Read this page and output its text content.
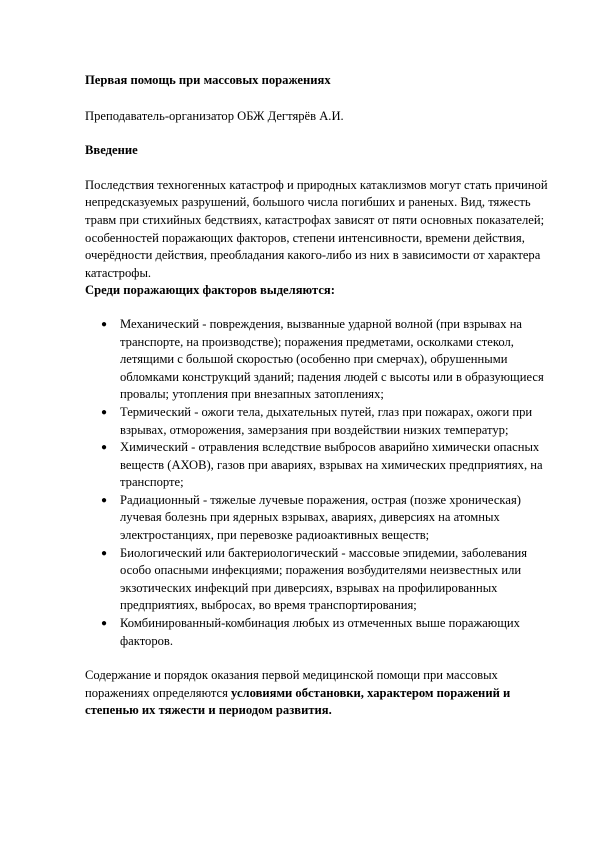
Первая помощь при массовых поражениях

Преподаватель-организатор ОБЖ Дегтярёв А.И.

Введение

Последствия техногенных катастроф и природных катаклизмов могут стать причиной непредсказуемых разрушений, большого числа погибших и раненых. Вид, тяжесть травм при стихийных бедствиях, катастрофах зависят от пяти основных показателей; особенностей поражающих факторов, степени интенсивности, времени действия, очерёдности действия, преобладания какого-либо из них в зависимости от характера катастрофы.

Среди поражающих факторов выделяются:

● Механический - повреждения, вызванные ударной волной (при взрывах на транспорте, на производстве); поражения предметами, осколками стекол, летящими с большой скоростью (особенно при смерчах), обрушенными обломками конструкций зданий; падения людей с высоты или в образующиеся провалы; утопления при внезапных затоплениях;
● Термический - ожоги тела, дыхательных путей, глаз при пожарах, ожоги при взрывах, отморожения, замерзания при воздействии низких температур;
● Химический - отравления вследствие выбросов аварийно химически опасных веществ (АХОВ), газов при авариях, взрывах на химических предприятиях, на транспорте;
● Радиационный - тяжелые лучевые поражения, острая (позже хроническая) лучевая болезнь при ядерных взрывах, авариях, диверсиях на атомных электростанциях, при перевозке радиоактивных веществ;
● Биологический или бактериологический - массовые эпидемии, заболевания особо опасными инфекциями; поражения возбудителями неизвестных или экзотических инфекций при диверсиях, взрывах на профилированных предприятиях, выбросах, во время транспортирования;
● Комбинированный-комбинация любых из отмеченных выше поражающих факторов.

Содержание и порядок оказания первой медицинской помощи при массовых поражениях определяются условиями обстановки, характером поражений и степенью их тяжести и периодом развития.
